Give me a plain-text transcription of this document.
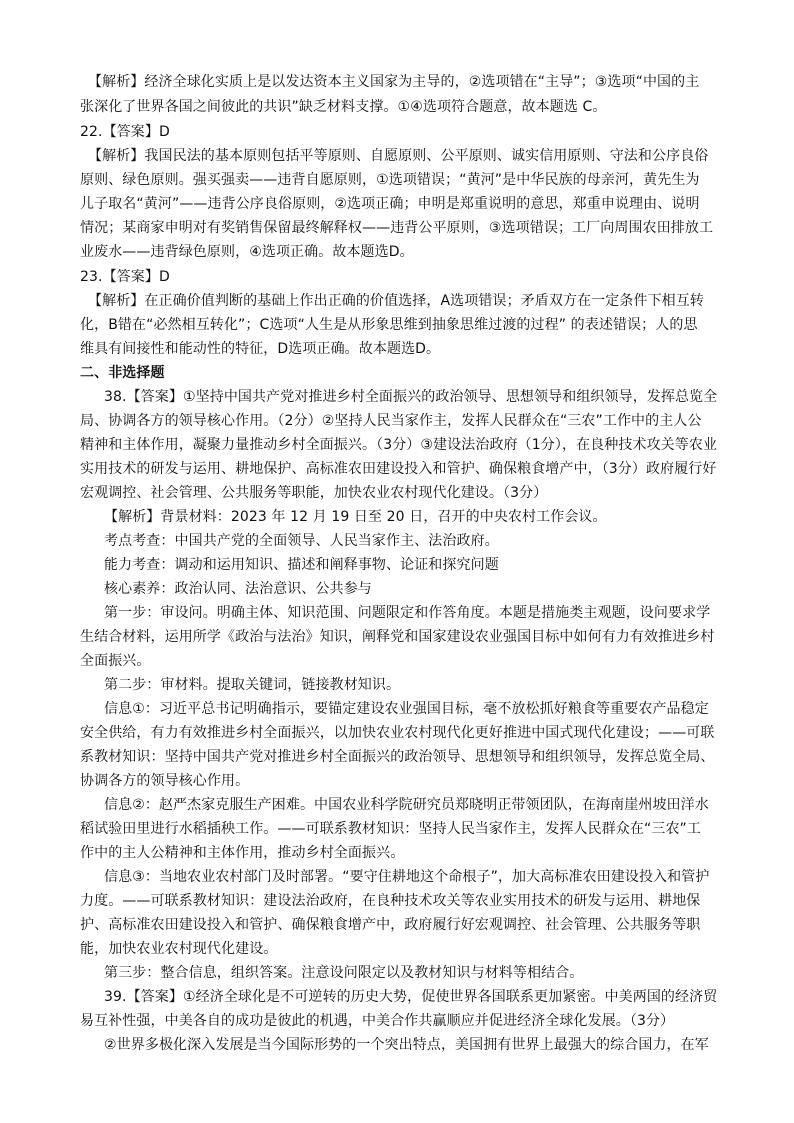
【解析】经济全球化实质上是以发达资本主义国家为主导的，②选项错在“主导”；③选项“中国的主
张深化了世界各国之间彼此的共识”缺乏材料支撑。①④选项符合题意，故本题选 C。
22.【答案】D
【解析】我国民法的基本原则包括平等原则、自愿原则、公平原则、诚实信用原则、守法和公序良俗
原则、绿色原则。强买强卖——违背自愿原则，①选项错误；“黄河”是中华民族的母亲河，黄先生为
儿子取名“黄河”——违背公序良俗原则，②选项正确；申明是郑重说明的意思，郑重申说理由、说明
情况；某商家申明对有奖销售保留最终解释权——违背公平原则，③选项错误；工厂向周围农田排放工
业废水——违背绿色原则，④选项正确。故本题选D。
23.【答案】D
【解析】在正确价值判断的基础上作出正确的价值选择，A选项错误；矛盾双方在一定条件下相互转
化，B错在“必然相互转化”；C选项“人生是从形象思维到抽象思维过渡的过程” 的表述错误；人的思
维具有间接性和能动性的特征，D选项正确。故本题选D。
二、非选择题
38.【答案】①坚持中国共产党对推进乡村全面振兴的政治领导、思想领导和组织领导，发挥总览全
局、协调各方的领导核心作用。（2分）②坚持人民当家作主，发挥人民群众在“三农”工作中的主人公
精神和主体作用，凝聚力量推动乡村全面振兴。（3分）③建设法治政府（1分），在良种技术攻关等农业
实用技术的研发与运用、耕地保护、高标准农田建设投入和管护、确保粮食增产中，（3分）政府履行好
宏观调控、社会管理、公共服务等职能，加快农业农村现代化建设。（3分）
【解析】背景材料：2023 年 12 月 19 日至 20 日，召开的中央农村工作会议。
考点考查：中国共产党的全面领导、人民当家作主、法治政府。
能力考查：调动和运用知识、描述和阐释事物、论证和探究问题
核心素养：政治认同、法治意识、公共参与
第一步：审设问。明确主体、知识范围、问题限定和作答角度。本题是措施类主观题，设问要求学
生结合材料，运用所学《政治与法治》知识，阐释党和国家建设农业强国目标中如何有力有效推进乡村
全面振兴。
第二步：审材料。提取关键词，链接教材知识。
信息①：习近平总书记明确指示，要锚定建设农业强国目标，毫不放松抓好粮食等重要农产品稳定
安全供给，有力有效推进乡村全面振兴，以加快农业农村现代化更好推进中国式现代化建设；——可联
系教材知识：坚持中国共产党对推进乡村全面振兴的政治领导、思想领导和组织领导，发挥总览全局、
协调各方的领导核心作用。
信息②：赵严杰家克服生产困难。中国农业科学院研究员郑晓明正带领团队，在海南崖州坡田洋水
稻试验田里进行水稻插秧工作。——可联系教材知识：坚持人民当家作主，发挥人民群众在“三农”工
作中的主人公精神和主体作用，推动乡村全面振兴。
信息③：当地农业农村部门及时部署。“要守住耕地这个命根子”，加大高标准农田建设投入和管护
力度。——可联系教材知识：建设法治政府，在良种技术攻关等农业实用技术的研发与运用、耕地保
护、高标准农田建设投入和管护、确保粮食增产中，政府履行好宏观调控、社会管理、公共服务等职
能，加快农业农村现代化建设。
第三步：整合信息，组织答案。注意设问限定以及教材知识与材料等相结合。
39.【答案】①经济全球化是不可逆转的历史大势，促使世界各国联系更加紧密。中美两国的经济贸
易互补性强，中美各自的成功是彼此的机遇，中美合作共赢顺应并促进经济全球化发展。（3分）
②世界多极化深入发展是当今国际形势的一个突出特点，美国拥有世界上最强大的综合国力，在军
